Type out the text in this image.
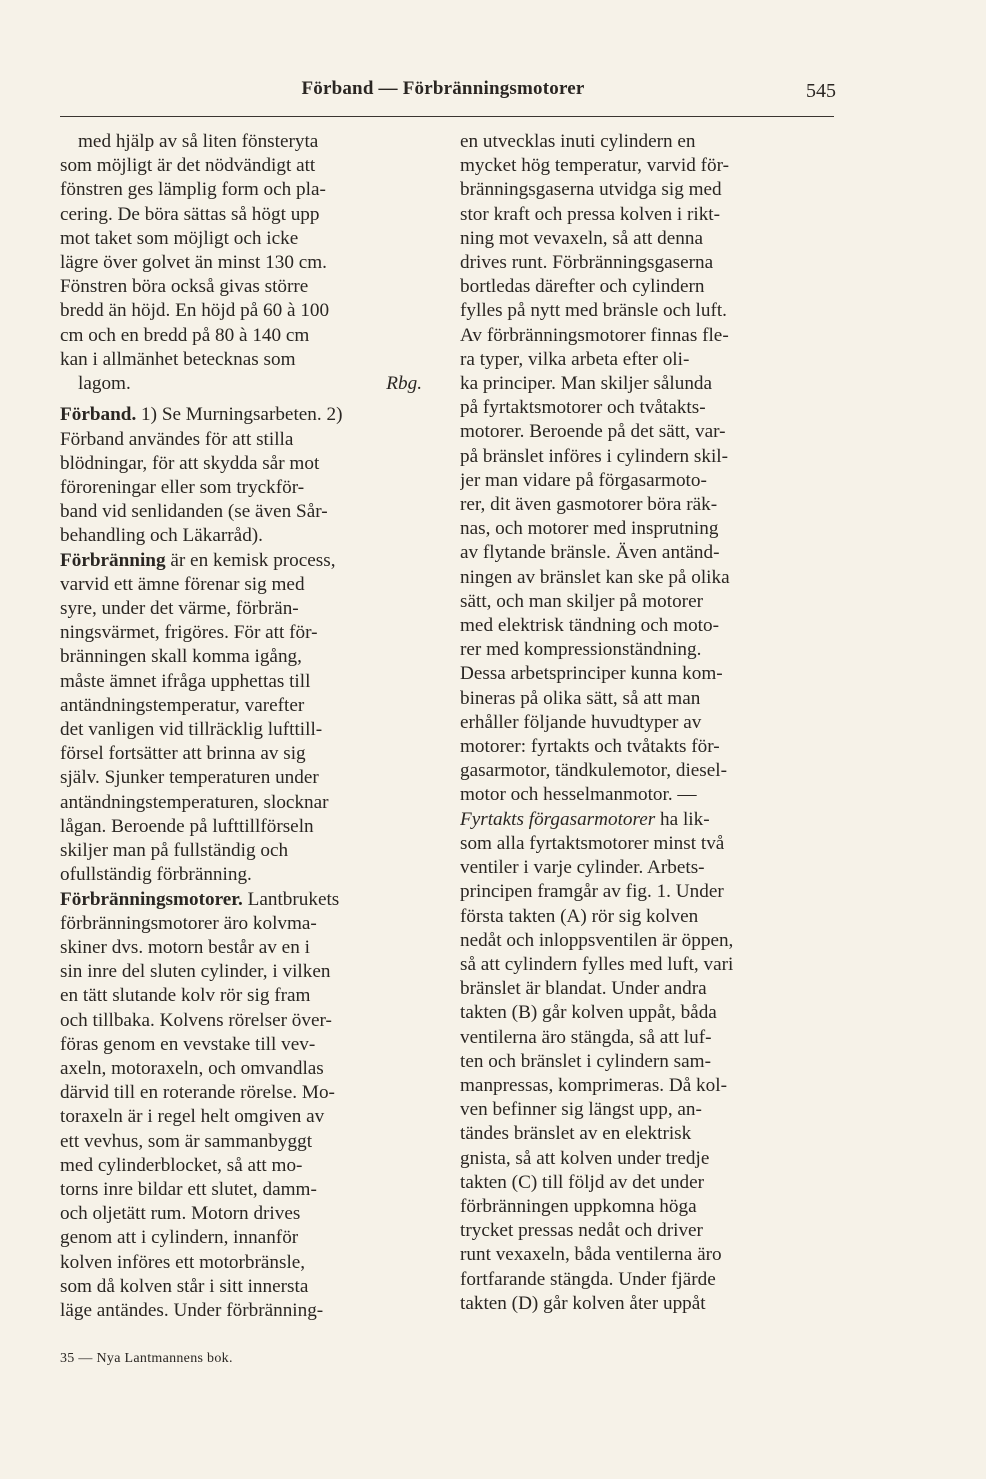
Förband — Förbränningsmotorer	545
med hjälp av så liten fönsteryta
som möjligt är det nödvändigt att
fönstren ges lämplig form och pla-
cering. De böra sättas så högt upp
mot taket som möjligt och icke
lägre över golvet än minst 130 cm.
Fönstren böra också givas större
bredd än höjd. En höjd på 60 à 100
cm och en bredd på 80 à 140 cm
kan i allmänhet betecknas som
lagom.	Rbg.
Förband. 1) Se Murningsarbeten. 2)
Förband användes för att stilla
blödningar, för att skydda sår mot
föroreningar eller som tryckför-
band vid senlidanden (se även Sår-
behandling och Läkarråd).
Förbränning är en kemisk process,
varvid ett ämne förenar sig med
syre, under det värme, förbrän-
ningsvärmet, frigöres. För att för-
bränningen skall komma igång,
måste ämnet ifråga upphettas till
antändningstemperatur, varefter
det vanligen vid tillräcklig lufttill-
försel fortsätter att brinna av sig
själv. Sjunker temperaturen under
antändningstemperaturen, slocknar
lågan. Beroende på lufttillförseln
skiljer man på fullständig och
ofullständig förbränning.
Förbränningsmotorer. Lantbrukets
förbränningsmotorer äro kolvma-
skiner dvs. motorn består av en i
sin inre del sluten cylinder, i vilken
en tätt slutande kolv rör sig fram
och tillbaka. Kolvens rörelser över-
föras genom en vevstake till vev-
axeln, motoraxeln, och omvandlas
därvid till en roterande rörelse. Mo-
toraxeln är i regel helt omgiven av
ett vevhus, som är sammanbyggt
med cylinderblocket, så att mo-
torns inre bildar ett slutet, damm-
och oljetätt rum. Motorn drives
genom att i cylindern, innanför
kolven införes ett motorbränsle,
som då kolven står i sitt innersta
läge antändes. Under förbränning-
en utvecklas inuti cylindern en
mycket hög temperatur, varvid för-
bränningsgaserna utvidga sig med
stor kraft och pressa kolven i rikt-
ning mot vevaxeln, så att denna
drives runt. Förbränningsgaserna
bortledas därefter och cylindern
fylles på nytt med bränsle och luft.
Av förbränningsmotorer finnas fle-
ra typer, vilka arbeta efter oli-
ka principer. Man skiljer sålunda
på fyrtaktsmotorer och tvåtakts-
motorer. Beroende på det sätt, var-
på bränslet införes i cylindern skil-
jer man vidare på förgasarmoto-
rer, dit även gasmotorer böra räk-
nas, och motorer med insprutning
av flytande bränsle. Även antänd-
ningen av bränslet kan ske på olika
sätt, och man skiljer på motorer
med elektrisk tändning och moto-
rer med kompressionständning.
Dessa arbetsprinciper kunna kom-
bineras på olika sätt, så att man
erhåller följande huvudtyper av
motorer: fyrtakts och tvåtakts för-
gasarmotor, tändkulemotor, diesel-
motor och hesselmanmotor. —
Fyrtakts förgasarmotorer ha lik-
som alla fyrtaktsmotorer minst två
ventiler i varje cylinder. Arbets-
principen framgår av fig. 1. Under
första takten (A) rör sig kolven
nedåt och inloppsventilen är öppen,
så att cylindern fylles med luft, vari
bränslet är blandat. Under andra
takten (B) går kolven uppåt, båda
ventilerna äro stängda, så att luf-
ten och bränslet i cylindern sam-
manpressas, komprimeras. Då kol-
ven befinner sig längst upp, an-
tändes bränslet av en elektrisk
gnista, så att kolven under tredje
takten (C) till följd av det under
förbränningen uppkomna höga
trycket pressas nedåt och driver
runt vexaxeln, båda ventilerna äro
fortfarande stängda. Under fjärde
takten (D) går kolven åter uppåt
35 — Nya Lantmannens bok.
